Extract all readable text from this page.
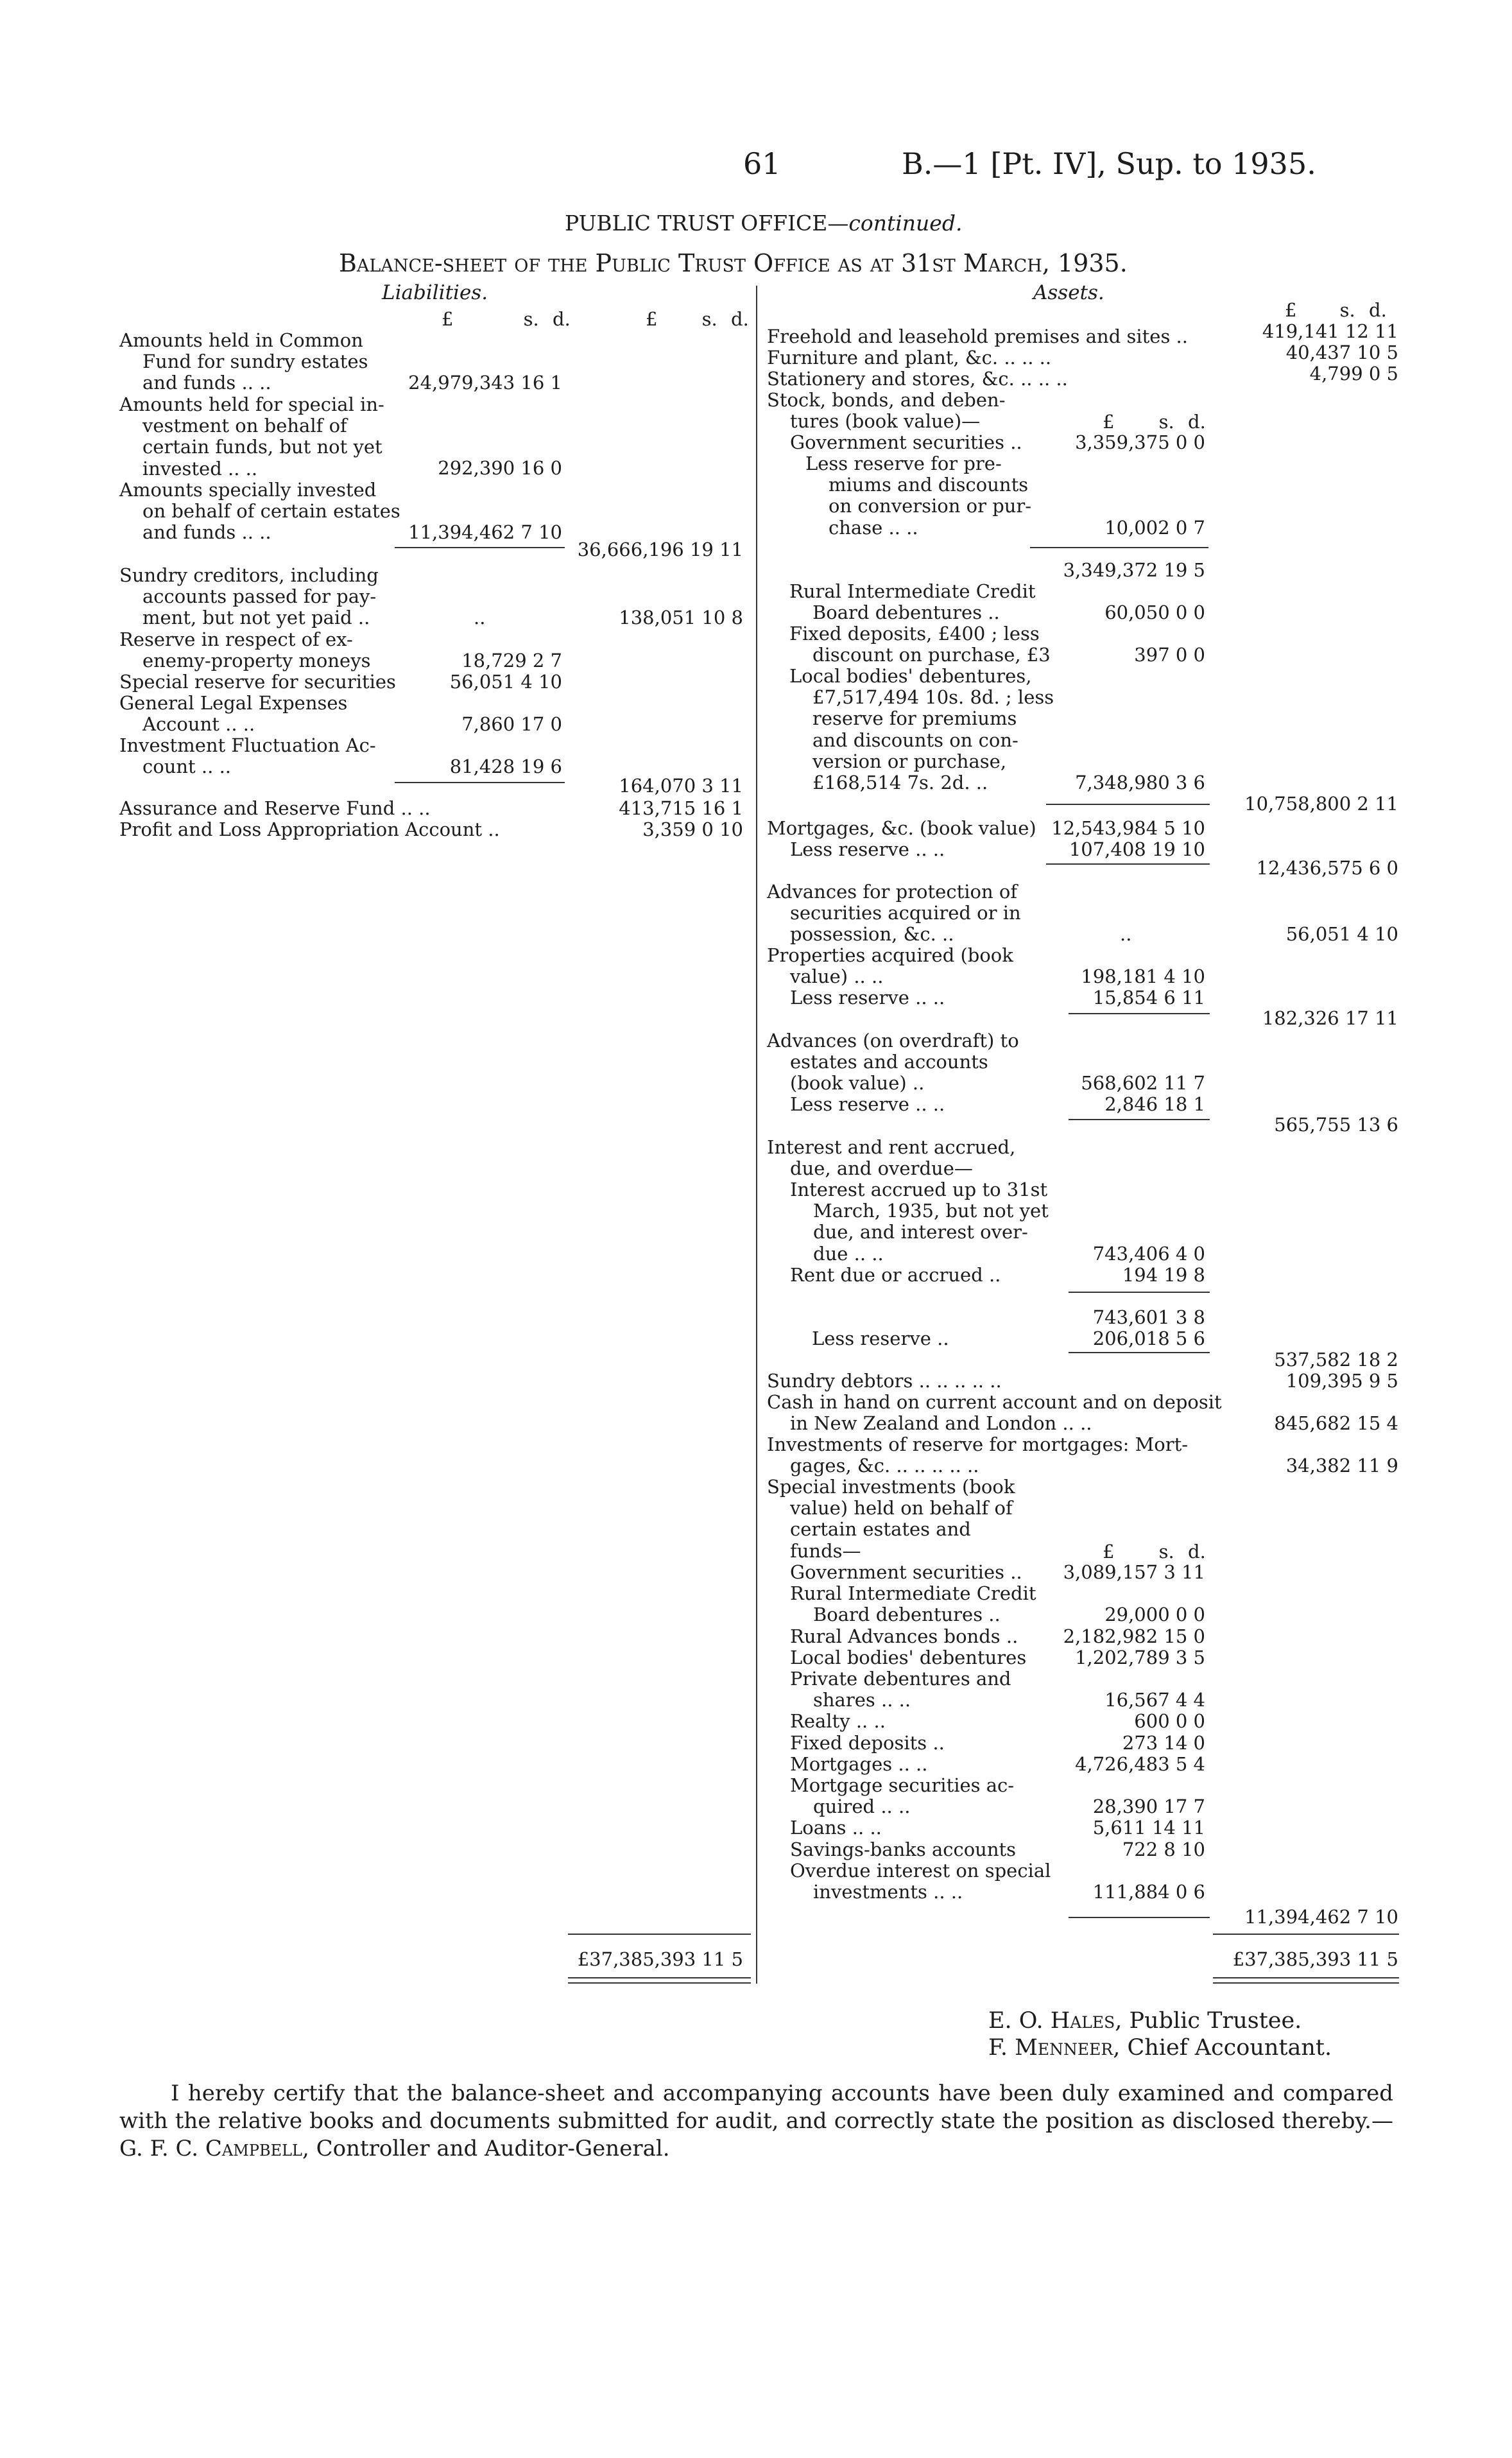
61	B.—1 [Pt. IV], Sup. to 1935.
PUBLIC TRUST OFFICE—continued.
Balance-sheet of the Public Trust Office as at 31st March, 1935.
Liabilities.	Assets.
£	s. d.	£ s. d.
Amounts held in Common
Fund for sundry estates
and funds .. ..	24,979,343 16 1
Amounts held for special in-
vestment on behalf of
certain funds, but not yet
invested .. ..	292,390 16 0
Amounts specially invested
on behalf of certain estates
and funds .. ..	11,394,462 7 10
36,666,196 19 11
Sundry creditors, including
accounts passed for pay-
ment, but not yet paid ..	..	138,051 10 8
Reserve in respect of ex-
enemy-property moneys	18,729 2 7
Special reserve for securities	56,051 4 10
General Legal Expenses
Account .. ..	7,860 17 0
Investment Fluctuation Ac-
count .. ..	81,428 19 6
164,070 3 11
Assurance and Reserve Fund .. ..	413,715 16 1
Profit and Loss Appropriation Account ..	3,359 0 10
£37,385,393 11 5
£ s. d.
Freehold and leasehold premises and sites ..	419,141 12 11
Furniture and plant, &c. .. .. ..	40,437 10 5
Stationery and stores, &c. .. .. ..	4,799 0 5
Stock, bonds, and deben-
tures (book value)—	£ s. d.
Government securities ..	3,359,375 0 0
Less reserve for pre-
miums and discounts
on conversion or pur-
chase .. ..	10,002 0 7
3,349,372 19 5
Rural Intermediate Credit
Board debentures ..	60,050 0 0
Fixed deposits, £400 ; less
discount on purchase, £3	397 0 0
Local bodies' debentures,
£7,517,494 10s. 8d. ; less
reserve for premiums
and discounts on con-
version or purchase,
£168,514 7s. 2d. ..	7,348,980 3 6
10,758,800 2 11
Mortgages, &c. (book value) 12,543,984 5 10
Less reserve .. ..	107,408 19 10
12,436,575 6 0
Advances for protection of
securities acquired or in
possession, &c. ..	..	56,051 4 10
Properties acquired (book
value) .. ..	198,181 4 10
Less reserve .. ..	15,854 6 11
182,326 17 11
Advances (on overdraft) to
estates and accounts
(book value) ..	568,602 11 7
Less reserve .. ..	2,846 18 1
565,755 13 6
Interest and rent accrued,
due, and overdue—
Interest accrued up to 31st
March, 1935, but not yet
due, and interest over-
due .. ..	743,406 4 0
Rent due or accrued ..	194 19 8
743,601 3 8
Less reserve ..	206,018 5 6
537,582 18 2
Sundry debtors .. .. .. .. ..	109,395 9 5
Cash in hand on current account and on deposit
in New Zealand and London .. ..	845,682 15 4
Investments of reserve for mortgages: Mort-
gages, &c. .. .. .. .. ..	34,382 11 9
Special investments (book
value) held on behalf of
certain estates and
funds—	£ s. d.
Government securities .. 3,089,157 3 11
Rural Intermediate Credit
Board debentures ..	29,000 0 0
Rural Advances bonds .. 2,182,982 15 0
Local bodies' debentures	1,202,789 3 5
Private debentures and
shares .. ..	16,567 4 4
Realty .. ..	600 0 0
Fixed deposits ..	273 14 0
Mortgages .. ..	4,726,483 5 4
Mortgage securities ac-
quired .. ..	28,390 17 7
Loans .. ..	5,611 14 11
Savings-banks accounts	722 8 10
Overdue interest on special
investments .. ..	111,884 0 6
11,394,462 7 10
£37,385,393 11 5
E. O. Hales, Public Trustee.
F. Menneer, Chief Accountant.
I hereby certify that the balance-sheet and accompanying accounts have been duly examined and compared with the relative books and documents submitted for audit, and correctly state the position as disclosed thereby.—G. F. C. Campbell, Controller and Auditor-General.
